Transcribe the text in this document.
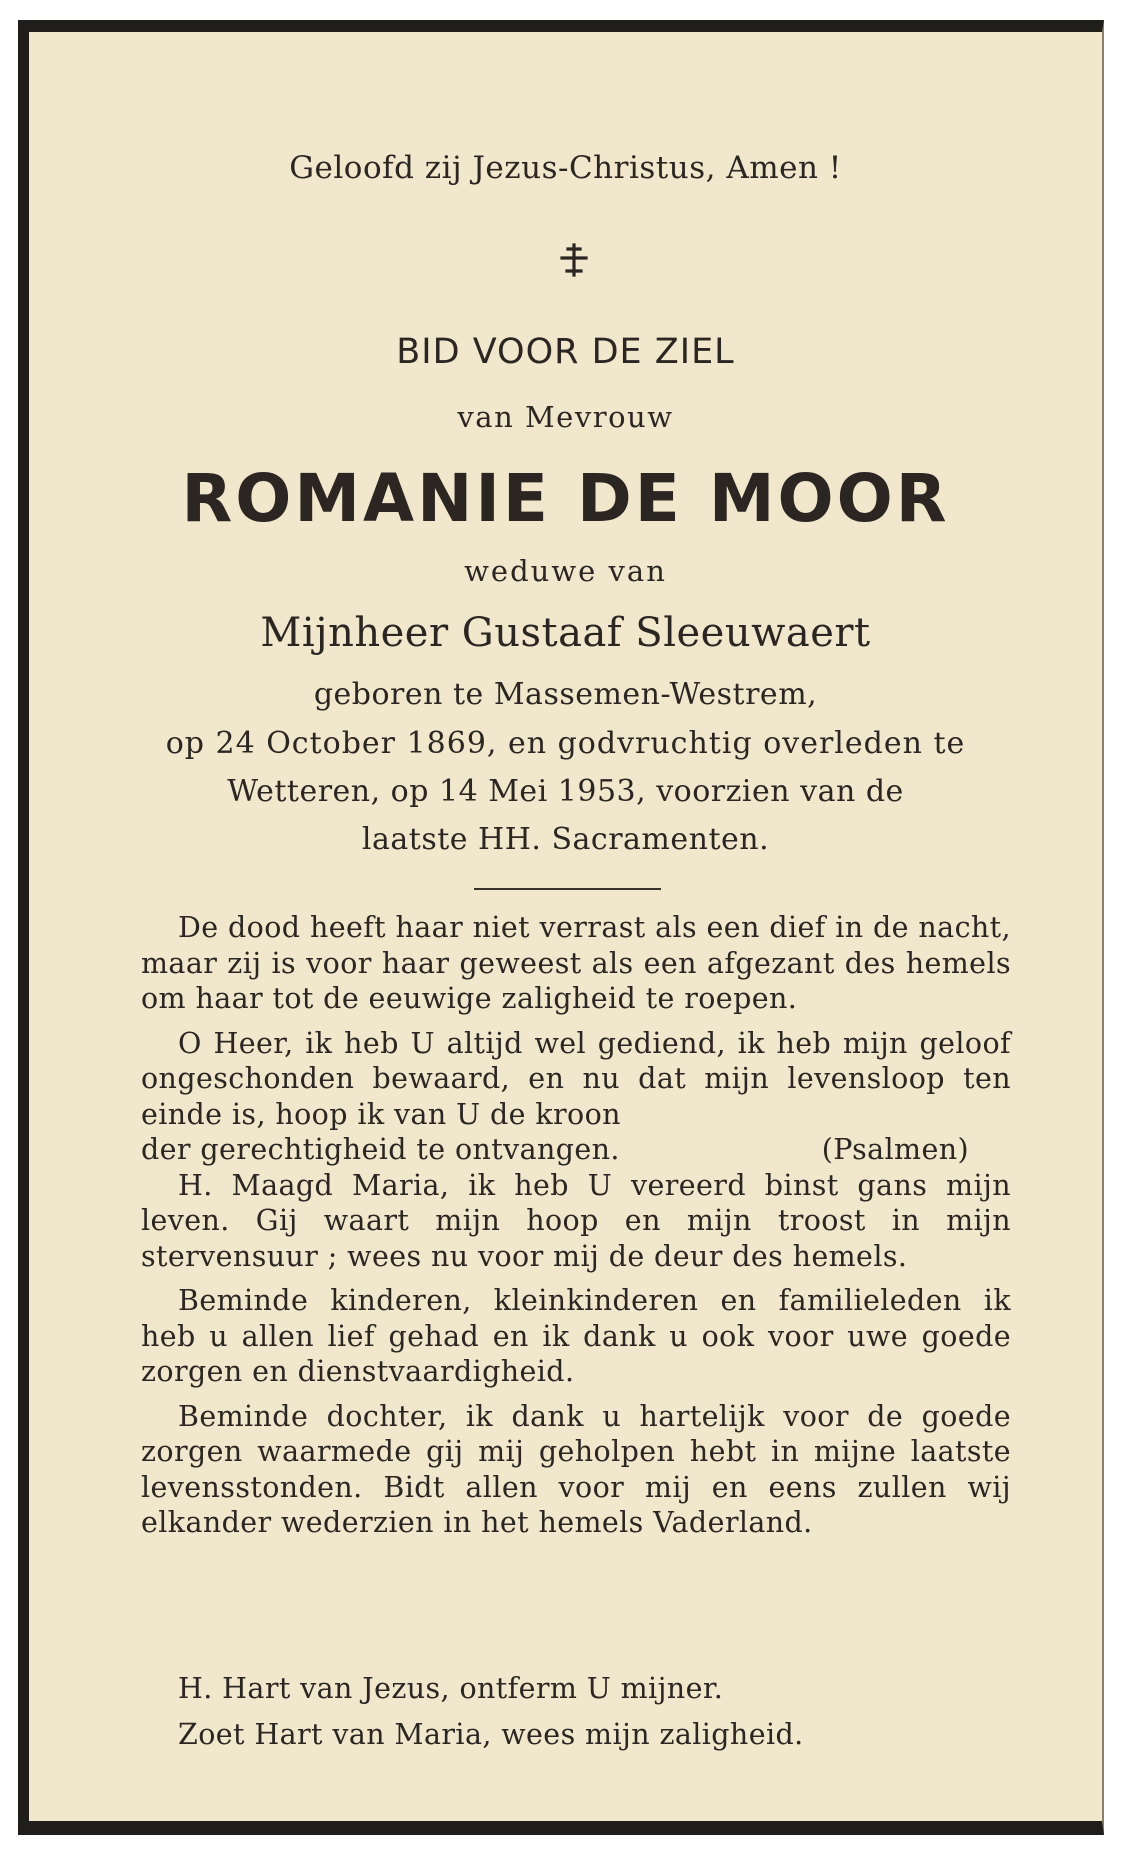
Geloofd zij Jezus-Christus, Amen !
BID VOOR DE ZIEL
van Mevrouw
ROMANIE DE MOOR
weduwe van
Mijnheer Gustaaf Sleeuwaert
geboren te Massemen-Westrem,
op 24 October 1869, en godvruchtig overleden te
Wetteren, op 14 Mei 1953, voorzien van de
laatste HH. Sacramenten.

De dood heeft haar niet verrast als een dief in de nacht, maar zij is voor haar geweest als een afgezant des hemels om haar tot de eeuwige zaligheid te roepen.

O Heer, ik heb U altijd wel gediend, ik heb mijn geloof ongeschonden bewaard, en nu dat mijn levensloop ten einde is, hoop ik van U de kroon

der gerechtigheid te ontvangen.	(Psalmen)

H. Maagd Maria, ik heb U vereerd binst gans mijn leven. Gij waart mijn hoop en mijn troost in mijn stervensuur ; wees nu voor mij de deur des hemels.

Beminde kinderen, kleinkinderen en familieleden ik heb u allen lief gehad en ik dank u ook voor uwe goede zorgen en dienstvaardigheid.

Beminde dochter, ik dank u hartelijk voor de goede zorgen waarmede gij mij geholpen hebt in mijne laatste levensstonden. Bidt allen voor mij en eens zullen wij elkander wederzien in het hemels Vaderland.

H. Hart van Jezus, ontferm U mijner.
Zoet Hart van Maria, wees mijn zaligheid.
